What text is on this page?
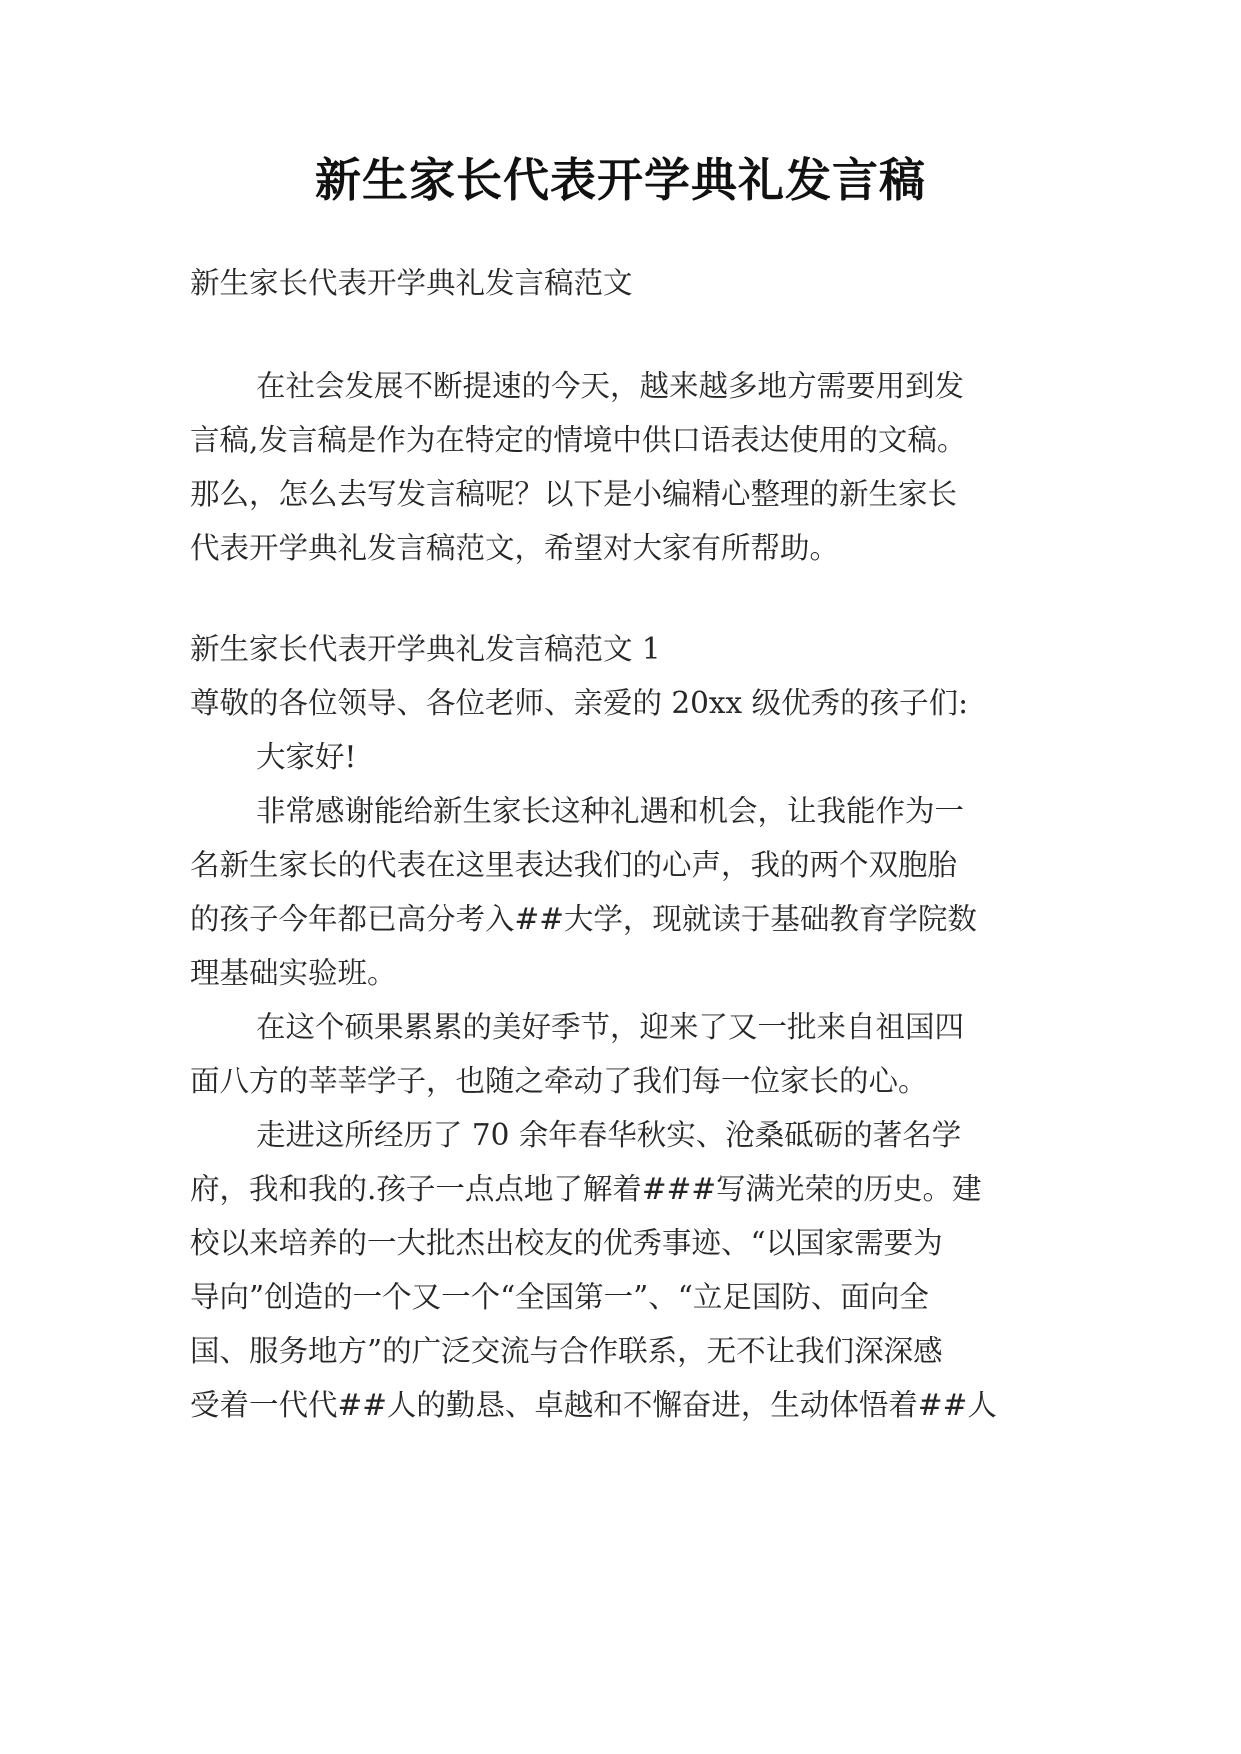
新生家长代表开学典礼发言稿
新生家长代表开学典礼发言稿范文
在社会发展不断提速的今天，越来越多地方需要用到发
言稿,发言稿是作为在特定的情境中供口语表达使用的文稿。
那么，怎么去写发言稿呢？以下是小编精心整理的新生家长
代表开学典礼发言稿范文，希望对大家有所帮助。
新生家长代表开学典礼发言稿范文 1
尊敬的各位领导、各位老师、亲爱的 20xx 级优秀的孩子们:
大家好!
非常感谢能给新生家长这种礼遇和机会，让我能作为一
名新生家长的代表在这里表达我们的心声，我的两个双胞胎
的孩子今年都已高分考入##大学，现就读于基础教育学院数
理基础实验班。
在这个硕果累累的美好季节，迎来了又一批来自祖国四
面八方的莘莘学子，也随之牵动了我们每一位家长的心。
走进这所经历了 70 余年春华秋实、沧桑砥砺的著名学
府，我和我的.孩子一点点地了解着###写满光荣的历史。建
校以来培养的一大批杰出校友的优秀事迹、“以国家需要为
导向”创造的一个又一个“全国第一”、“立足国防、面向全
国、服务地方”的广泛交流与合作联系，无不让我们深深感
受着一代代##人的勤恳、卓越和不懈奋进，生动体悟着##人
